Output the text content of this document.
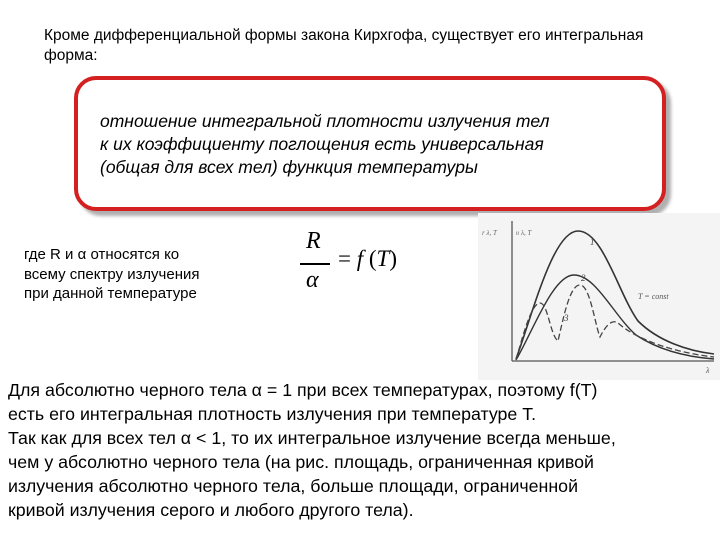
Кроме дифференциальной формы закона Кирхгофа, существует его интегральная форма:
отношение интегральной плотности излучения тел
к их коэффициенту поглощения есть универсальная
(общая для всех тел) функция температуры
где R и α относятся ко
всему спектру излучения
при данной температуре
R
α
= f (T)
r λ, T	υ λ, T
1
2
3
T = const
λ
Для абсолютно черного тела α = 1 при всех температурах, поэтому f(T)
есть его интегральная плотность излучения при температуре Т.
Так как для всех тел α < 1, то их интегральное излучение всегда меньше,
чем у абсолютно черного тела (на рис. площадь, ограниченная кривой
излучения абсолютно черного тела, больше площади, ограниченной
кривой излучения серого и любого другого тела).
